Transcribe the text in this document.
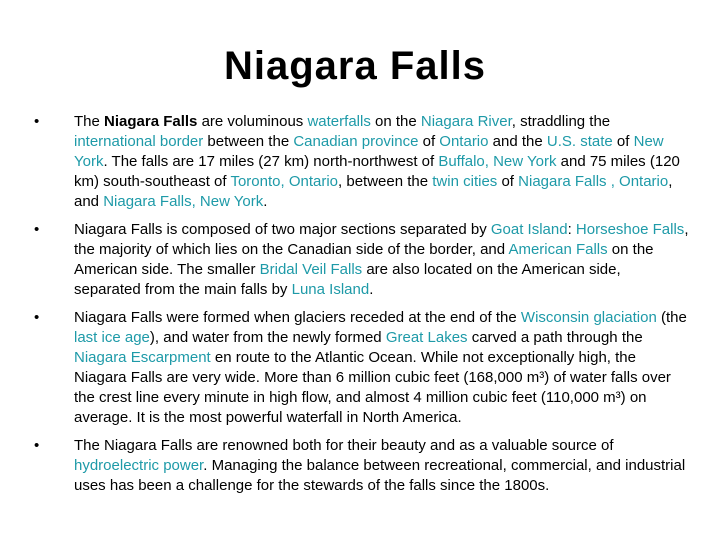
Niagara Falls
• The Niagara Falls are voluminous waterfalls on the Niagara River, straddling the international border between the Canadian province of Ontario and the U.S. state of New York. The falls are 17 miles (27 km) north-northwest of Buffalo, New York and 75 miles (120 km) south-southeast of Toronto, Ontario, between the twin cities of Niagara Falls , Ontario, and Niagara Falls, New York.
• Niagara Falls is composed of two major sections separated by Goat Island: Horseshoe Falls, the majority of which lies on the Canadian side of the border, and American Falls on the American side. The smaller Bridal Veil Falls are also located on the American side, separated from the main falls by Luna Island.
• Niagara Falls were formed when glaciers receded at the end of the Wisconsin glaciation (the last ice age), and water from the newly formed Great Lakes carved a path through the Niagara Escarpment en route to the Atlantic Ocean. While not exceptionally high, the Niagara Falls are very wide. More than 6 million cubic feet (168,000 m³) of water falls over the crest line every minute in high flow, and almost 4 million cubic feet (110,000 m³) on average. It is the most powerful waterfall in North America.
• The Niagara Falls are renowned both for their beauty and as a valuable source of hydroelectric power. Managing the balance between recreational, commercial, and industrial uses has been a challenge for the stewards of the falls since the 1800s.
